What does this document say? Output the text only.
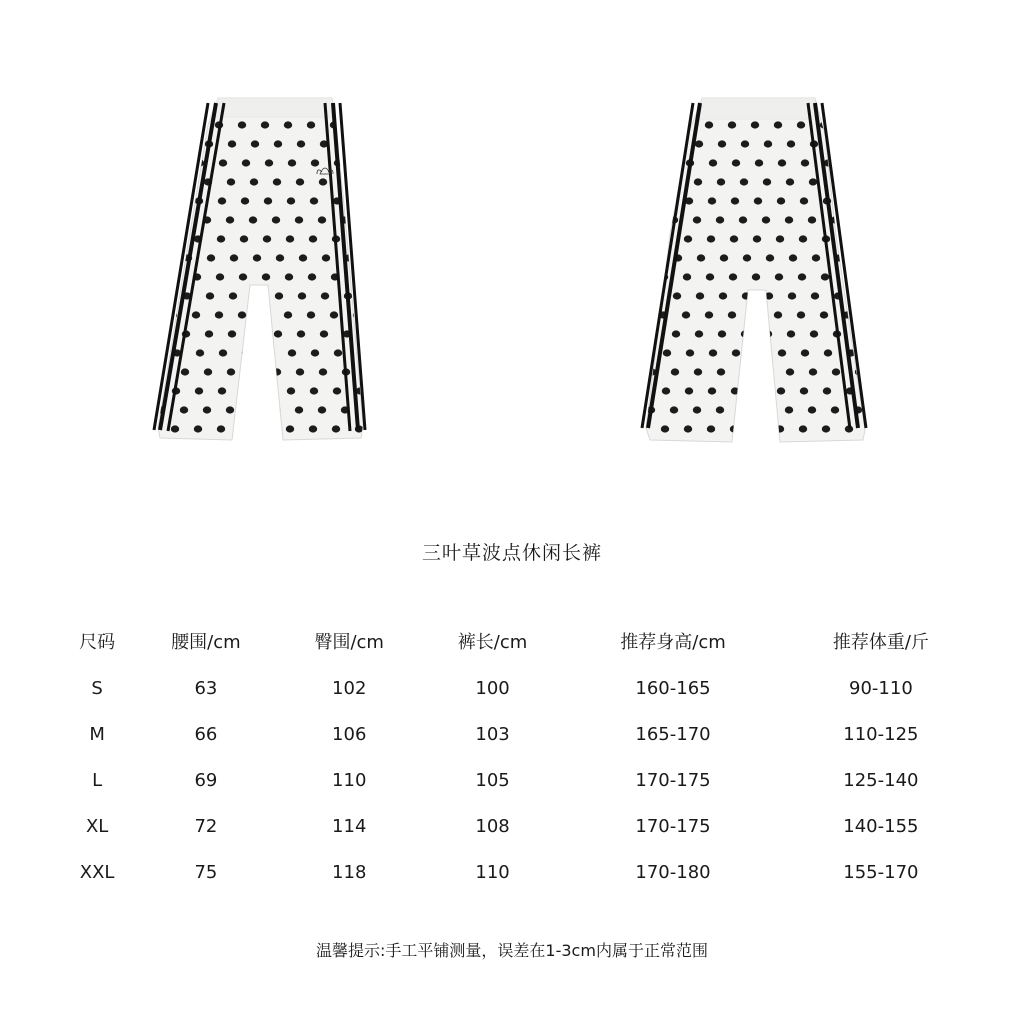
三叶草波点休闲长裤
尺码	腰围/cm	臀围/cm	裤长/cm	推荐身高/cm	推荐体重/斤
S	63	102	100	160-165	90-110
M	66	106	103	165-170	110-125
L	69	110	105	170-175	125-140
XL	72	114	108	170-175	140-155
XXL	75	118	110	170-180	155-170
温馨提示:手工平铺测量，误差在1-3cm内属于正常范围
